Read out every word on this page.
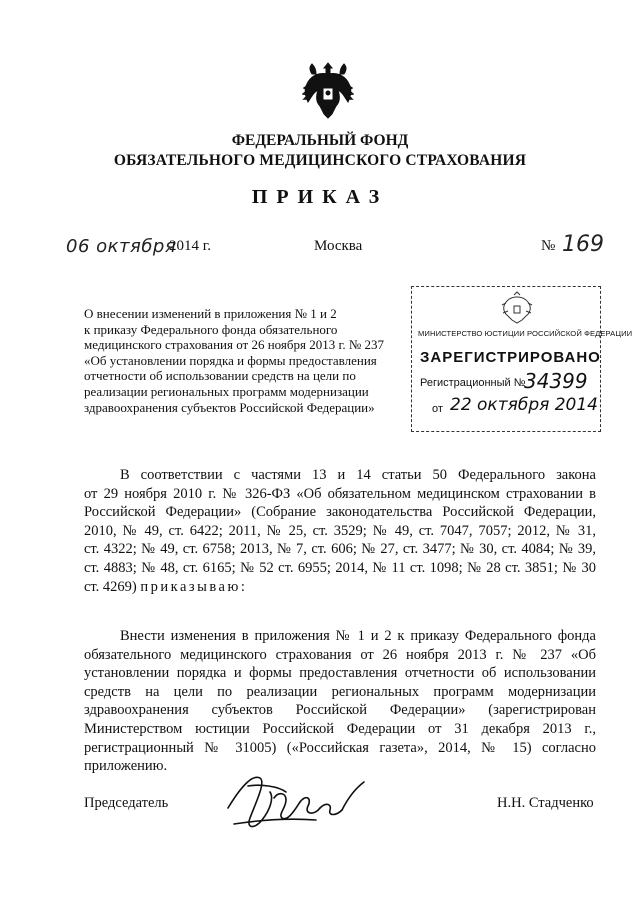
ФЕДЕРАЛЬНЫЙ ФОНД
ОБЯЗАТЕЛЬНОГО МЕДИЦИНСКОГО СТРАХОВАНИЯ
ПРИКАЗ
06 октября
2014 г.	Москва	№ 169
О внесении изменений в приложения № 1 и 2
к приказу Федерального фонда обязательного
медицинского страхования от 26 ноября 2013 г. № 237
«Об установлении порядка и формы предоставления
отчетности об использовании средств на цели по
реализации региональных программ модернизации
здравоохранения субъектов Российской Федерации»
МИНИСТЕРСТВО ЮСТИЦИИ РОССИЙСКОЙ ФЕДЕРАЦИИ
ЗАРЕГИСТРИРОВАНО
Регистрационный №
34399
от 22 октября 2014
В соответствии с частями 13 и 14 статьи 50 Федерального закона
от 29 ноября 2010 г. № 326-ФЗ «Об обязательном медицинском страховании в
Российской Федерации» (Собрание законодательства Российской Федерации,
2010, № 49, ст. 6422; 2011, № 25, ст. 3529; № 49, ст. 7047, 7057; 2012, № 31,
ст. 4322; № 49, ст. 6758; 2013, № 7, ст. 606; № 27, ст. 3477; № 30, ст. 4084; № 39,
ст. 4883; № 48, ст. 6165; № 52 ст. 6955; 2014, № 11 ст. 1098; № 28 ст. 3851; № 30
ст. 4269) приказываю:
Внести изменения в приложения № 1 и 2 к приказу Федерального фонда
обязательного медицинского страхования от 26 ноября 2013 г. № 237 «Об
установлении порядка и формы предоставления отчетности об использовании
средств на цели по реализации региональных программ модернизации
здравоохранения субъектов Российской Федерации» (зарегистрирован
Министерством юстиции Российской Федерации от 31 декабря 2013 г.,
регистрационный № 31005) («Российская газета», 2014, № 15) согласно
приложению.
Председатель	Н.Н. Стадченко
